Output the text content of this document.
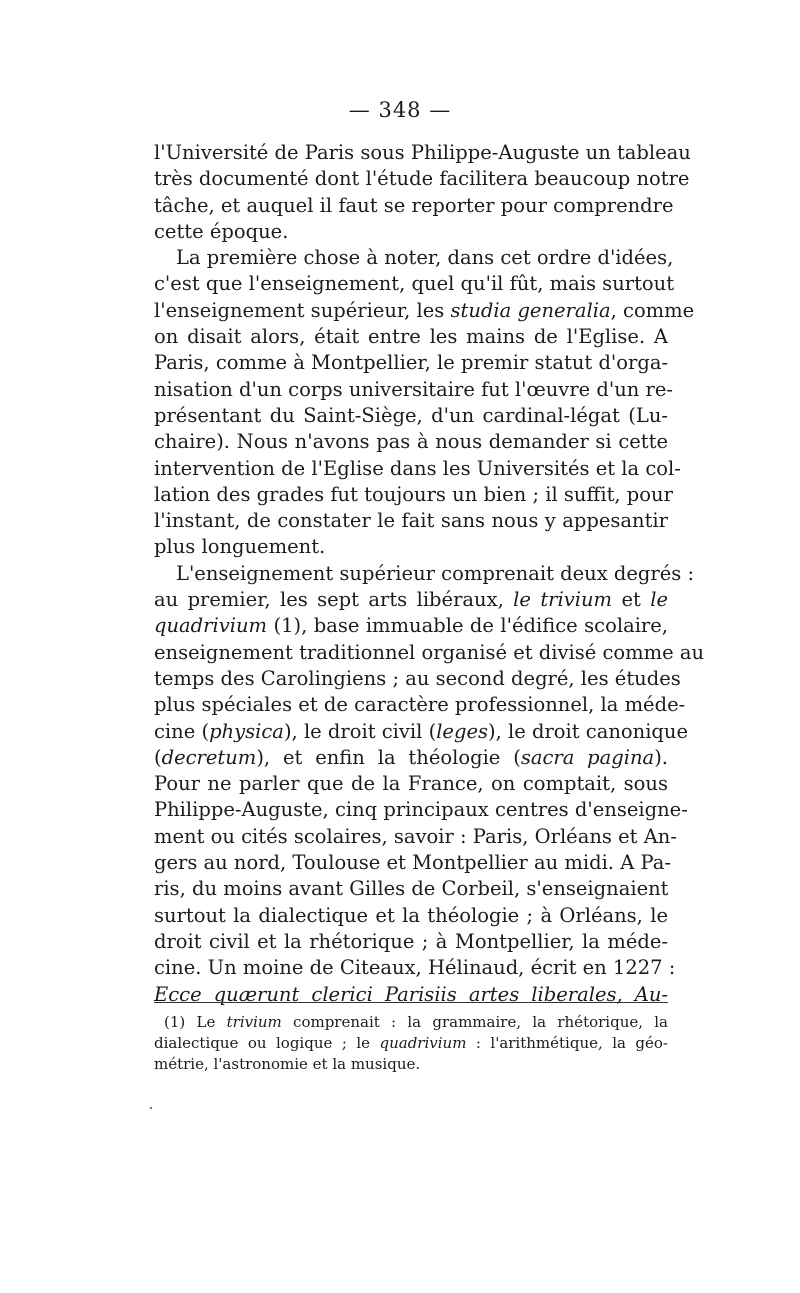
— 348 —
l'Université de Paris sous Philippe-Auguste un tableau
très documenté dont l'étude facilitera beaucoup notre
tâche, et auquel il faut se reporter pour comprendre
cette époque.
La première chose à noter, dans cet ordre d'idées,
c'est que l'enseignement, quel qu'il fût, mais surtout
l'enseignement supérieur, les studia generalia, comme
on disait alors, était entre les mains de l'Eglise. A
Paris, comme à Montpellier, le premir statut d'orga-
nisation d'un corps universitaire fut l'œuvre d'un re-
présentant du Saint-Siège, d'un cardinal-légat (Lu-
chaire). Nous n'avons pas à nous demander si cette
intervention de l'Eglise dans les Universités et la col-
lation des grades fut toujours un bien ; il suffit, pour
l'instant, de constater le fait sans nous y appesantir
plus longuement.
L'enseignement supérieur comprenait deux degrés :
au premier, les sept arts libéraux, le trivium et le
quadrivium (1), base immuable de l'édifice scolaire,
enseignement traditionnel organisé et divisé comme au
temps des Carolingiens ; au second degré, les études
plus spéciales et de caractère professionnel, la méde-
cine (physica), le droit civil (leges), le droit canonique
(decretum), et enfin la théologie (sacra pagina).
Pour ne parler que de la France, on comptait, sous
Philippe-Auguste, cinq principaux centres d'enseigne-
ment ou cités scolaires, savoir : Paris, Orléans et An-
gers au nord, Toulouse et Montpellier au midi. A Pa-
ris, du moins avant Gilles de Corbeil, s'enseignaient
surtout la dialectique et la théologie ; à Orléans, le
droit civil et la rhétorique ; à Montpellier, la méde-
cine. Un moine de Citeaux, Hélinaud, écrit en 1227 :
Ecce quærunt clerici Parisiis artes liberales, Au-
(1) Le trivium comprenait : la grammaire, la rhétorique, la
dialectique ou logique ; le quadrivium : l'arithmétique, la géo-
métrie, l'astronomie et la musique.
